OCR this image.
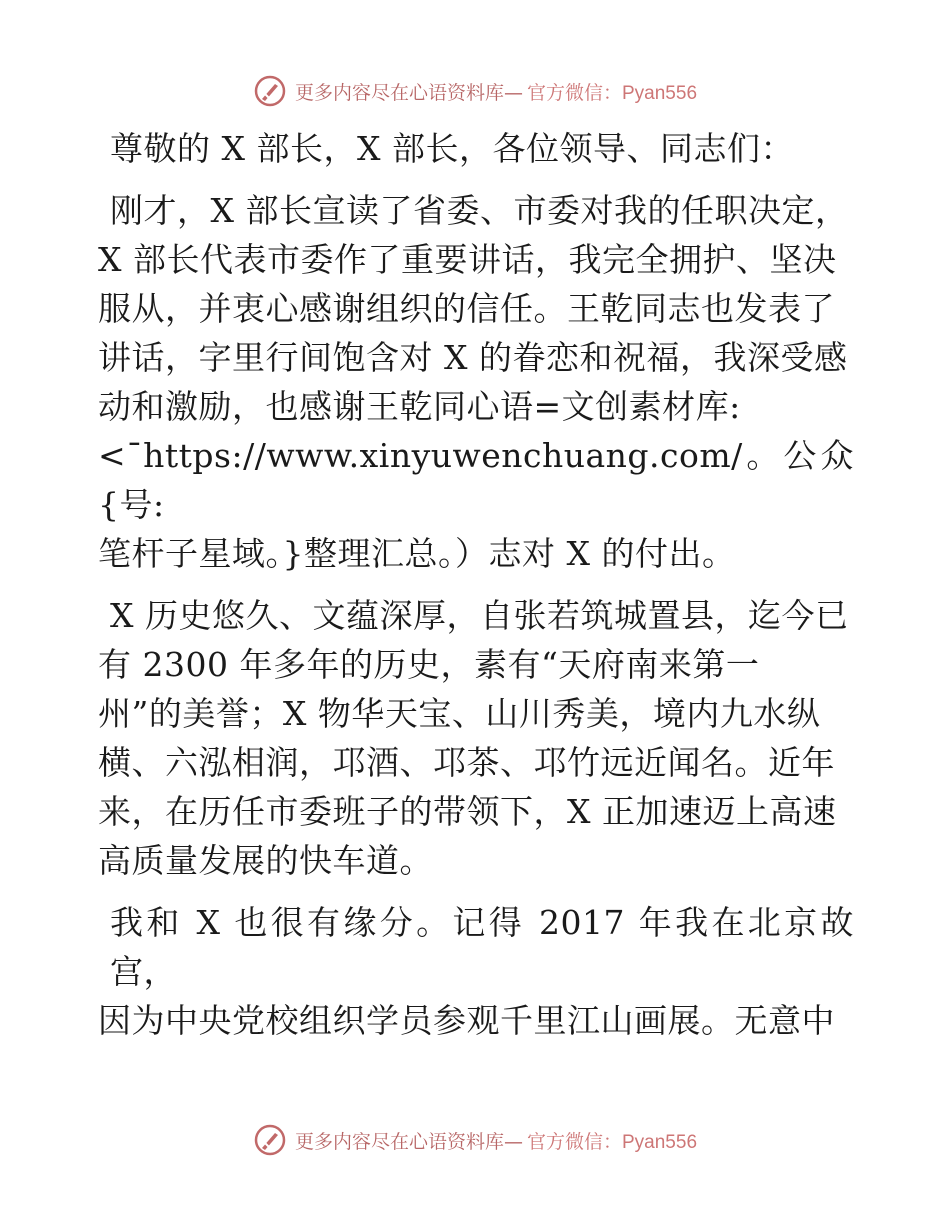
更多内容尽在心语资料库— 官方微信：Pyan556

尊敬的 X 部长，X 部长，各位领导、同志们：

刚才，X 部长宣读了省委、市委对我的任职决定，
X 部长代表市委作了重要讲话，我完全拥护、坚决
服从，并衷心感谢组织的信任。王乾同志也发表了
讲话，字里行间饱含对 X 的眷恋和祝福，我深受感
动和激励，也感谢王乾同心语=文创素材库:
<¯https://www.xinyuwenchuang.com/。公众{号:
笔杆子星域。}整理汇总。）志对 X 的付出。

X 历史悠久、文蕴深厚，自张若筑城置县，迄今已
有 2300 年多年的历史，素有“天府南来第一
州”的美誉；X 物华天宝、山川秀美，境内九水纵
横、六泓相润，邛酒、邛茶、邛竹远近闻名。近年
来，在历任市委班子的带领下，X 正加速迈上高速
高质量发展的快车道。

我和 X 也很有缘分。记得 2017 年我在北京故宫，
因为中央党校组织学员参观千里江山画展。无意中

更多内容尽在心语资料库— 官方微信：Pyan556
